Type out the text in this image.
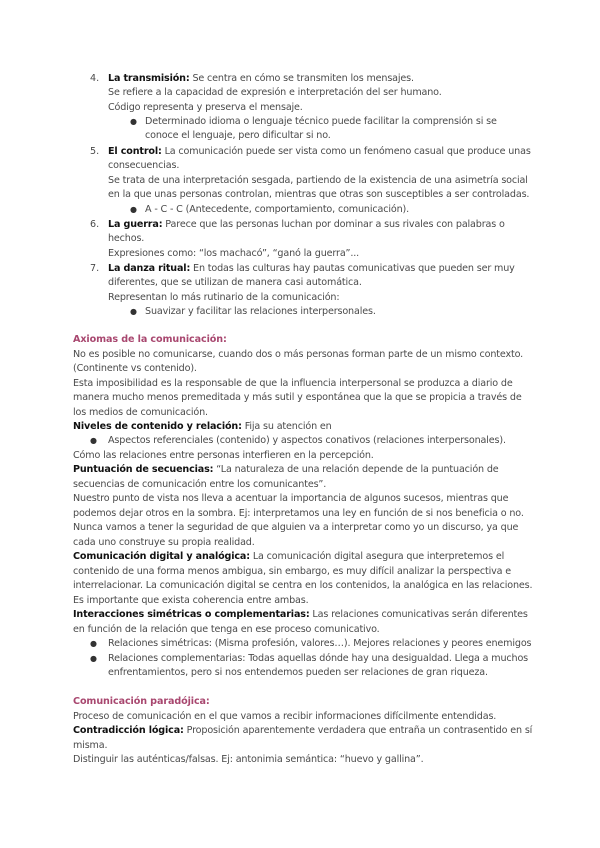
4. La transmisión: Se centra en cómo se transmiten los mensajes.
Se refiere a la capacidad de expresión e interpretación del ser humano.
Código representa y preserva el mensaje.
● Determinado idioma o lenguaje técnico puede facilitar la comprensión si se
conoce el lenguaje, pero dificultar si no.
5. El control: La comunicación puede ser vista como un fenómeno casual que produce unas
consecuencias.
Se trata de una interpretación sesgada, partiendo de la existencia de una asimetría social
en la que unas personas controlan, mientras que otras son susceptibles a ser controladas.
● A - C - C (Antecedente, comportamiento, comunicación).
6. La guerra: Parece que las personas luchan por dominar a sus rivales con palabras o
hechos.
Expresiones como: “los machacó”, “ganó la guerra”...
7. La danza ritual: En todas las culturas hay pautas comunicativas que pueden ser muy
diferentes, que se utilizan de manera casi automática.
Representan lo más rutinario de la comunicación:
● Suavizar y facilitar las relaciones interpersonales.
Axiomas de la comunicación:
No es posible no comunicarse, cuando dos o más personas forman parte de un mismo contexto.
(Continente vs contenido).
Esta imposibilidad es la responsable de que la influencia interpersonal se produzca a diario de
manera mucho menos premeditada y más sutil y espontánea que la que se propicia a través de
los medios de comunicación.
Niveles de contenido y relación: Fija su atención en
● Aspectos referenciales (contenido) y aspectos conativos (relaciones interpersonales).
Cómo las relaciones entre personas interfieren en la percepción.
Puntuación de secuencias: “La naturaleza de una relación depende de la puntuación de
secuencias de comunicación entre los comunicantes”.
Nuestro punto de vista nos lleva a acentuar la importancia de algunos sucesos, mientras que
podemos dejar otros en la sombra. Ej: interpretamos una ley en función de si nos beneficia o no.
Nunca vamos a tener la seguridad de que alguien va a interpretar como yo un discurso, ya que
cada uno construye su propia realidad.
Comunicación digital y analógica: La comunicación digital asegura que interpretemos el
contenido de una forma menos ambigua, sin embargo, es muy difícil analizar la perspectiva e
interrelacionar. La comunicación digital se centra en los contenidos, la analógica en las relaciones.
Es importante que exista coherencia entre ambas.
Interacciones simétricas o complementarias: Las relaciones comunicativas serán diferentes
en función de la relación que tenga en ese proceso comunicativo.
● Relaciones simétricas: (Misma profesión, valores…). Mejores relaciones y peores enemigos
● Relaciones complementarias: Todas aquellas dónde hay una desigualdad. Llega a muchos
enfrentamientos, pero si nos entendemos pueden ser relaciones de gran riqueza.
Comunicación paradójica:
Proceso de comunicación en el que vamos a recibir informaciones difícilmente entendidas.
Contradicción lógica: Proposición aparentemente verdadera que entraña un contrasentido en sí
misma.
Distinguir las auténticas/falsas. Ej: antonimia semántica: “huevo y gallina”.
